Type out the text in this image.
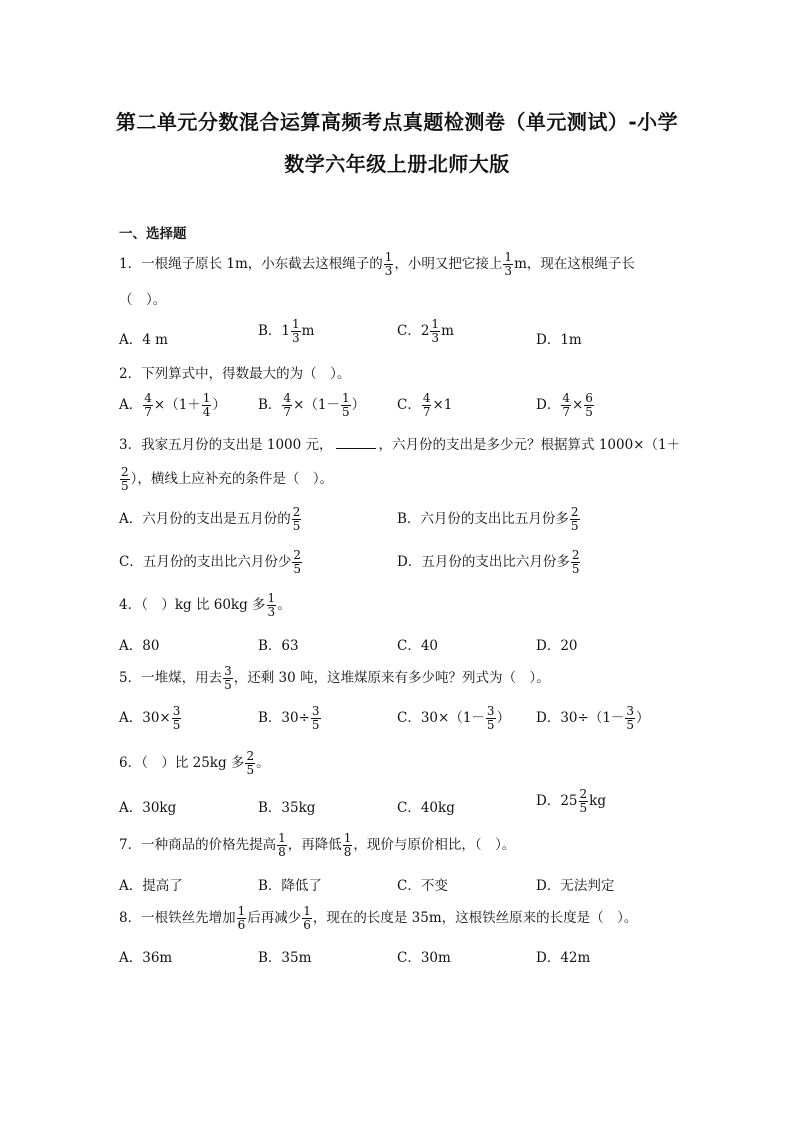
第二单元分数混合运算高频考点真题检测卷（单元测试）-小学
数学六年级上册北师大版
一、选择题
1．一根绳子原长 1m，小东截去这根绳子的 $\frac{1}{3}$ ，小明又把它接上 $\frac{1}{3}$ m，现在这根绳子长
（　）。
A．4 m
B．$1 \frac{1}{3}$ m	C．$2 \frac{1}{3}$ m
D．1m
2．下列算式中，得数最大的为（　）。
A． $\frac{4}{7} \times(1+ \frac{1}{4}$ ） B． $\frac{4}{7} \times(1- \frac{1}{5}$ ） C． $\frac{4}{7} \times 1$	D． $\frac{4}{7} \times \frac{6}{5}$
3．我家五月份的支出是 1000 元，	，六月份的支出是多少元？根据算式 1000×（1＋
$\frac{2}{5}$ ），横线上应补充的条件是（　）。
A．六月份的支出是五月份的 $\frac{2}{5}$	B．六月份的支出比五月份多 $\frac{2}{5}$
C．五月份的支出比六月份少 $\frac{2}{5}$	D．五月份的支出比六月份多 $\frac{2}{5}$
4．（　）kg 比 60kg 多 $\frac{1}{3}$ 。
A．80	B．63	C．40	D．20
5．一堆煤，用去 $\frac{3}{5}$ ，还剩 30 吨，这堆煤原来有多少吨？列式为（　）。
A．$30\times \frac{3}{5}$	B．$30\div \frac{3}{5}$	C．$30\times(1- \frac{3}{5}$ ） D．$30\div(1- \frac{3}{5}$ ）
6．（　）比 25kg 多 $\frac{2}{5}$ 。
A．30kg	B．35kg	C．40kg	D．$25 \frac{2}{5}$ kg
7．一种商品的价格先提高 $\frac{1}{8}$ ，再降低 $\frac{1}{8}$ ，现价与原价相比，（　）。
A．提高了	B．降低了	C．不变	D．无法判定
8．一根铁丝先增加 $\frac{1}{6}$ 后再减少 $\frac{1}{6}$ ，现在的长度是 35m，这根铁丝原来的长度是（　）。
A．36m	B．35m	C．30m	D．42m
